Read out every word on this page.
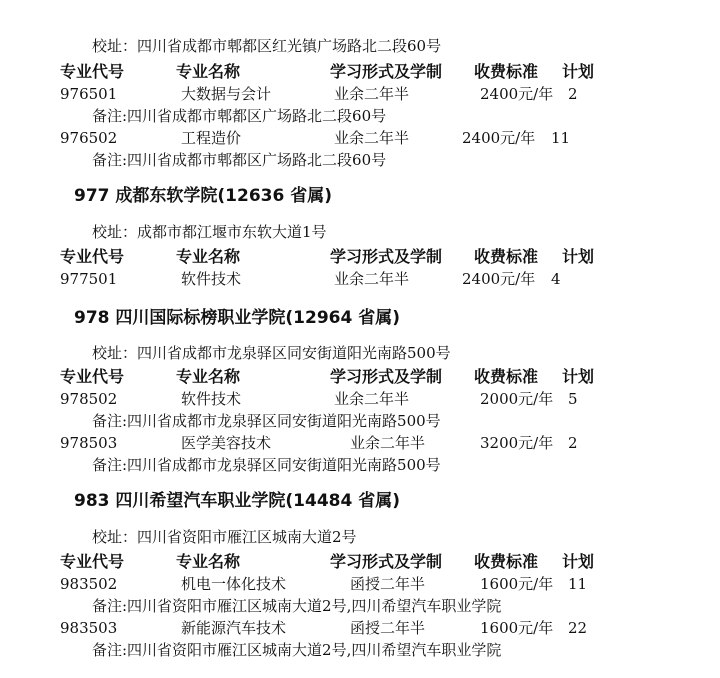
校址：四川省成都市郫都区红光镇广场路北二段60号
专业代号	专业名称	学习形式及学制 收费标准 计划
976501	大数据与会计	业余二年半	2400元/年 2
备注:四川省成都市郫都区广场路北二段60号
976502	工程造价	业余二年半	2400元/年 11
备注:四川省成都市郫都区广场路北二段60号
977 成都东软学院(12636 省属)
校址：成都市都江堰市东软大道1号
专业代号	专业名称	学习形式及学制 收费标准 计划
977501	软件技术	业余二年半	2400元/年 4
978 四川国际标榜职业学院(12964 省属)
校址：四川省成都市龙泉驿区同安街道阳光南路500号
专业代号	专业名称	学习形式及学制 收费标准 计划
978502	软件技术	业余二年半	2000元/年 5
备注:四川省成都市龙泉驿区同安街道阳光南路500号
978503	医学美容技术	业余二年半	3200元/年 2
备注:四川省成都市龙泉驿区同安街道阳光南路500号
983 四川希望汽车职业学院(14484 省属)
校址：四川省资阳市雁江区城南大道2号
专业代号	专业名称	学习形式及学制 收费标准 计划
983502	机电一体化技术	函授二年半	1600元/年 11
备注:四川省资阳市雁江区城南大道2号,四川希望汽车职业学院
983503	新能源汽车技术	函授二年半	1600元/年 22
备注:四川省资阳市雁江区城南大道2号,四川希望汽车职业学院
